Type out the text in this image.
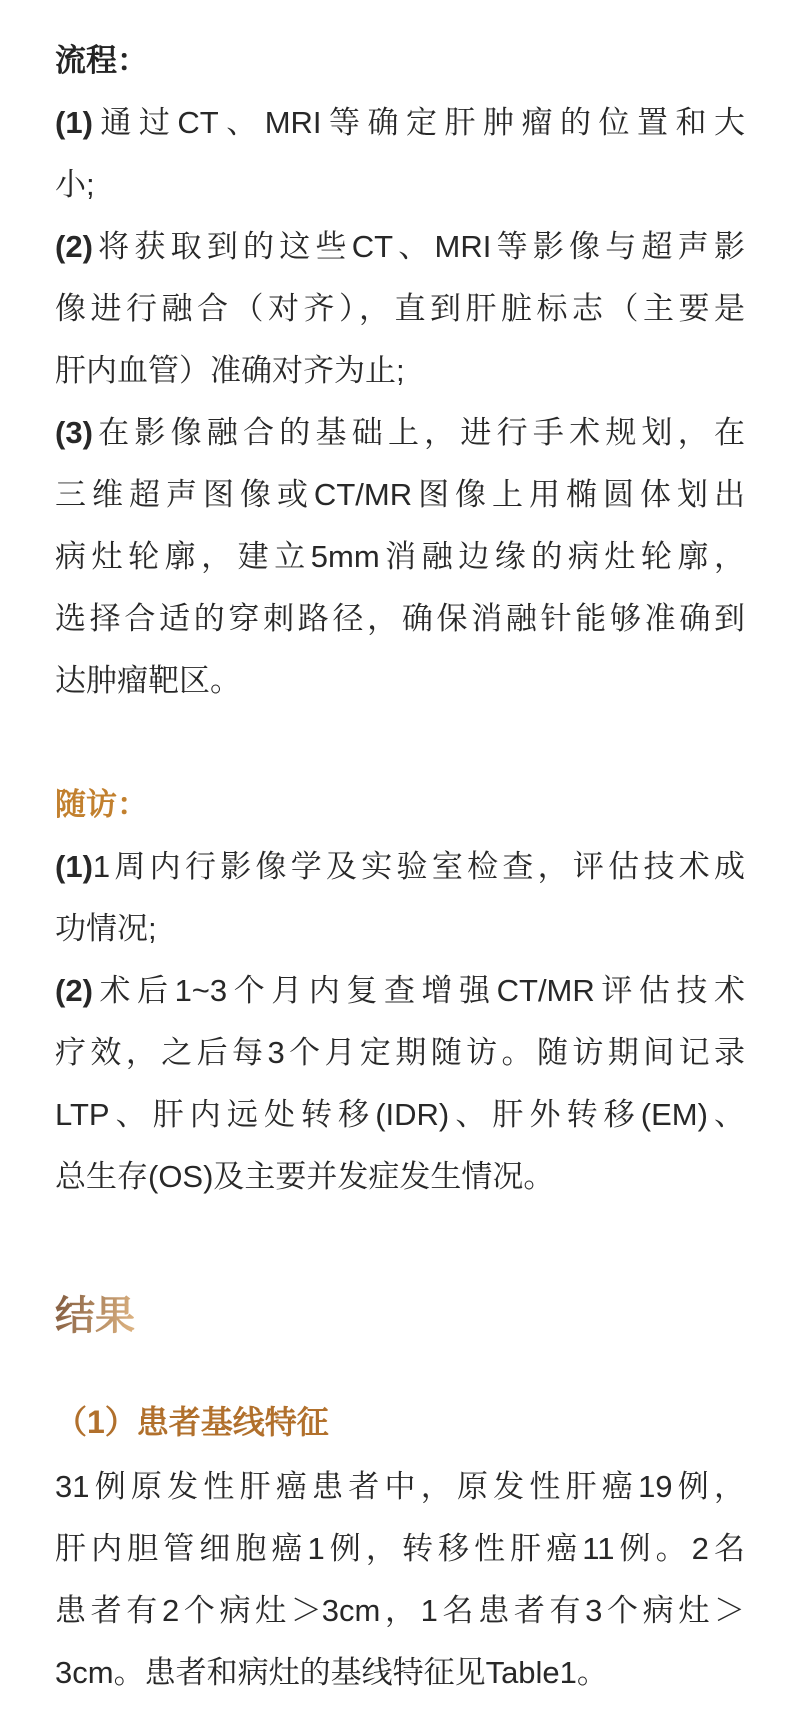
流程：
(1)通过CT、MRI等确定肝肿瘤的位置和大
小;
(2)将获取到的这些CT、MRI等影像与超声影
像进行融合（对齐），直到肝脏标志（主要是
肝内血管）准确对齐为止;
(3)在影像融合的基础上，进行手术规划，在
三维超声图像或CT/MR图像上用椭圆体划出
病灶轮廓，建立5mm消融边缘的病灶轮廓，
选择合适的穿刺路径，确保消融针能够准确到
达肿瘤靶区。
随访：
(1)1周内行影像学及实验室检查，评估技术成
功情况;
(2)术后1~3个月内复查增强CT/MR评估技术
疗效，之后每3个月定期随访。随访期间记录
LTP、肝内远处转移(IDR)、肝外转移(EM)、
总生存(OS)及主要并发症发生情况。
结果
（1）患者基线特征
31例原发性肝癌患者中，原发性肝癌19例，
肝内胆管细胞癌1例，转移性肝癌11例。2名
患者有2个病灶＞3cm，1名患者有3个病灶＞
3cm。患者和病灶的基线特征见Table1。
